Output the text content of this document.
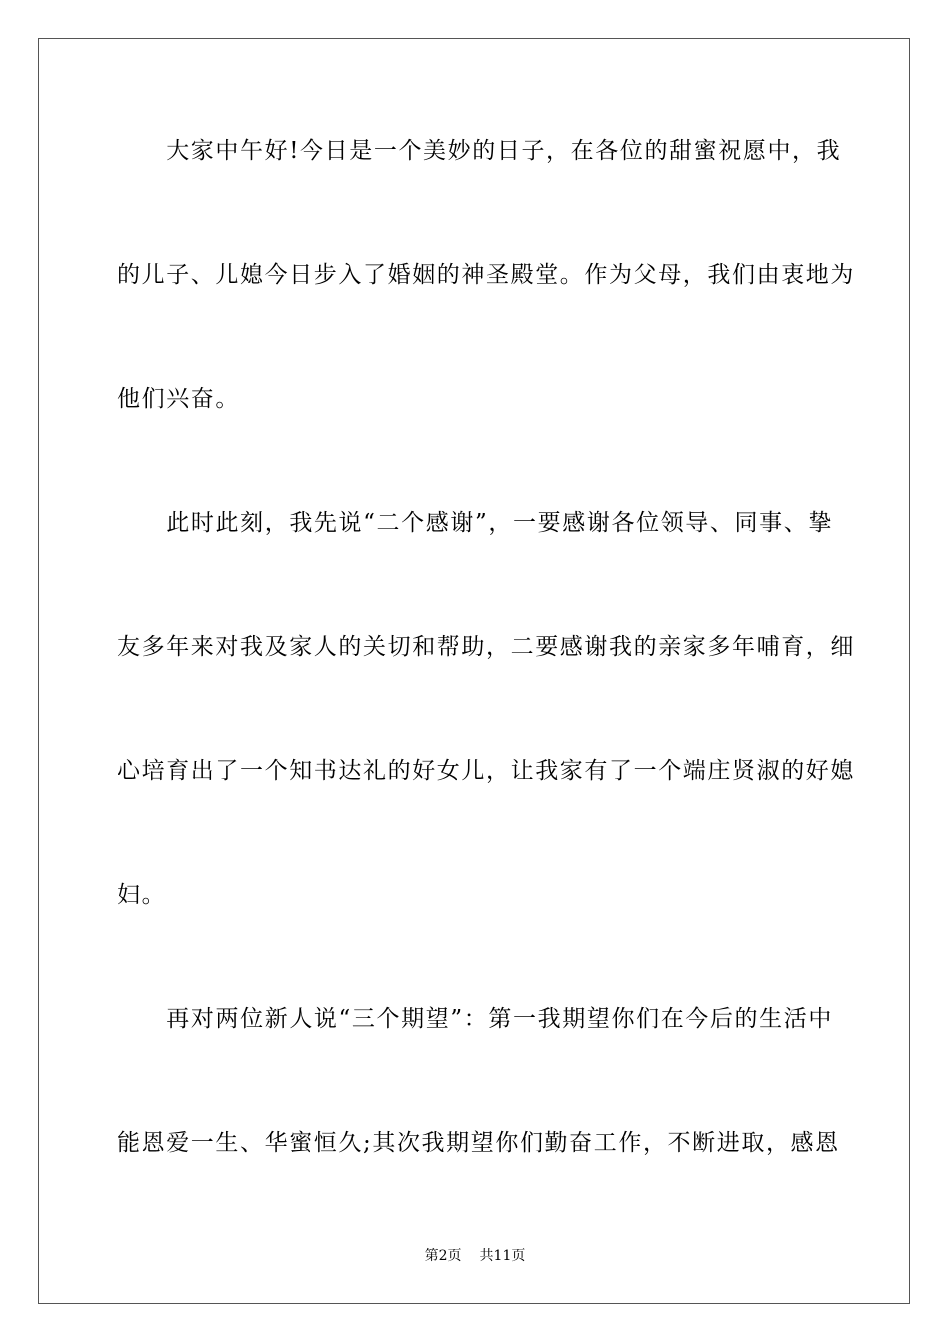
　　大家中午好!今日是一个美妙的日子，在各位的甜蜜祝愿中，我
的儿子、儿媳今日步入了婚姻的神圣殿堂。作为父母，我们由衷地为
他们兴奋。
　　此时此刻，我先说“二个感谢”，一要感谢各位领导、同事、挚
友多年来对我及家人的关切和帮助，二要感谢我的亲家多年哺育，细
心培育出了一个知书达礼的好女儿，让我家有了一个端庄贤淑的好媳
妇。
　　再对两位新人说“三个期望”：第一我期望你们在今后的生活中
能恩爱一生、华蜜恒久;其次我期望你们勤奋工作，不断进取，感恩
第2页 共11页
